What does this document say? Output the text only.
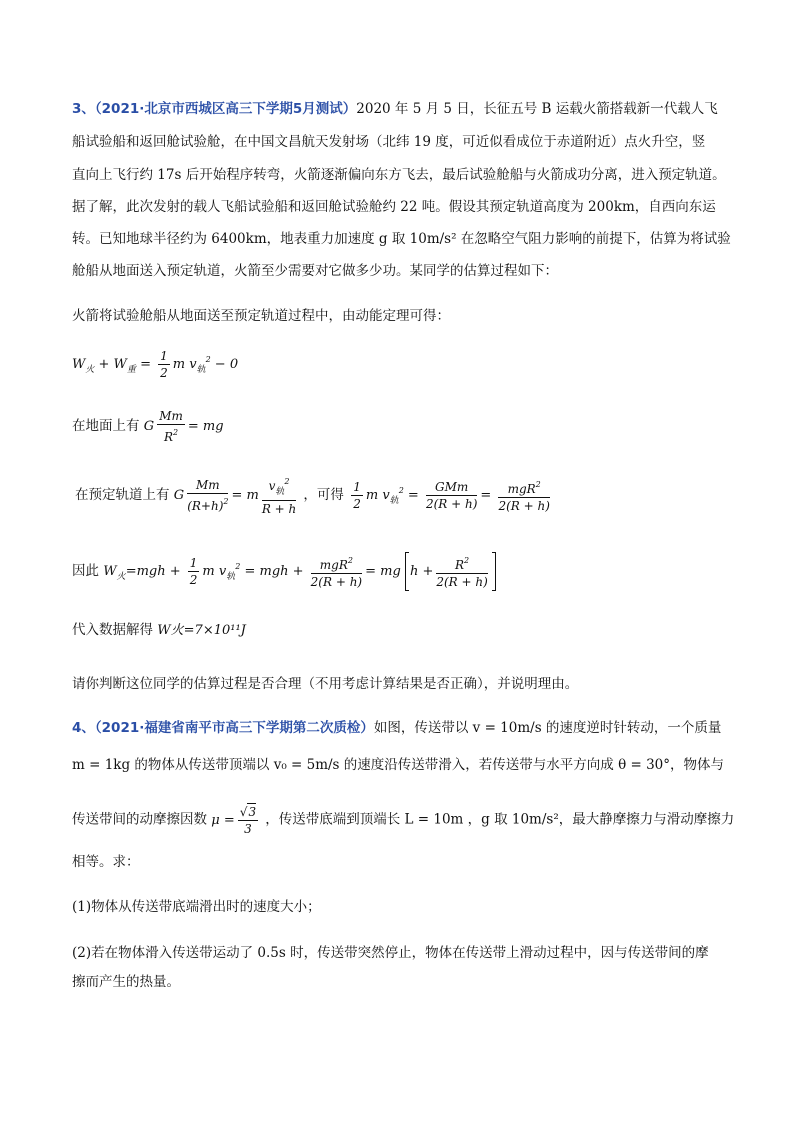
3、（2021·北京市西城区高三下学期5月测试）2020 年 5 月 5 日，长征五号 B 运载火箭搭载新一代载人飞
船试验船和返回舱试验舱，在中国文昌航天发射场（北纬 19 度，可近似看成位于赤道附近）点火升空，竖
直向上飞行约 17s 后开始程序转弯，火箭逐渐偏向东方飞去，最后试验舱船与火箭成功分离，进入预定轨道。
据了解，此次发射的载人飞船试验船和返回舱试验舱约 22 吨。假设其预定轨道高度为 200km，自西向东运
转。已知地球半径约为 6400km，地表重力加速度 g 取 10m/s² 在忽略空气阻力影响的前提下，估算为将试验
舱船从地面送入预定轨道，火箭至少需要对它做多少功。某同学的估算过程如下：
火箭将试验舱船从地面送至预定轨道过程中，由动能定理可得：
$W_火 + W_重 = \frac{1}{2}$ m $v_轨^2 - 0$
在地面上有 G $\frac{Mm}{R^2}$ = mg
在预定轨道上有 G $\frac{Mm}{(R+h)^2} = m \frac{v_轨^2}{R + h}$ ，可得 $\frac{1}{2}$ m $v_轨^2 = \frac{\text{GMm}}{2(R + h)} = \frac{mgR^2}{2(R + h)}$
因此 $W_火=mgh + \frac{1}{2}$ m $v_轨^2$ = mgh + $\frac{mgR^2}{2(R + h)}$ = mg $h + \frac{R^2}{2(R + h)}$
代入数据解得 W火=7×10¹¹J
请你判断这位同学的估算过程是否合理（不用考虑计算结果是否正确），并说明理由。
4、（2021·福建省南平市高三下学期第二次质检）如图，传送带以 v = 10m/s 的速度逆时针转动，一个质量
m = 1kg 的物体从传送带顶端以 v₀ = 5m/s 的速度沿传送带滑入，若传送带与水平方向成 θ = 30°，物体与
传送带间的动摩擦因数 $\mu = \frac{√3}{3}$ ，传送带底端到顶端长 L = 10m ，g 取 10m/s²，最大静摩擦力与滑动摩擦力
相等。求：
(1)物体从传送带底端滑出时的速度大小；
(2)若在物体滑入传送带运动了 0.5s 时，传送带突然停止，物体在传送带上滑动过程中，因与传送带间的摩
擦而产生的热量。
